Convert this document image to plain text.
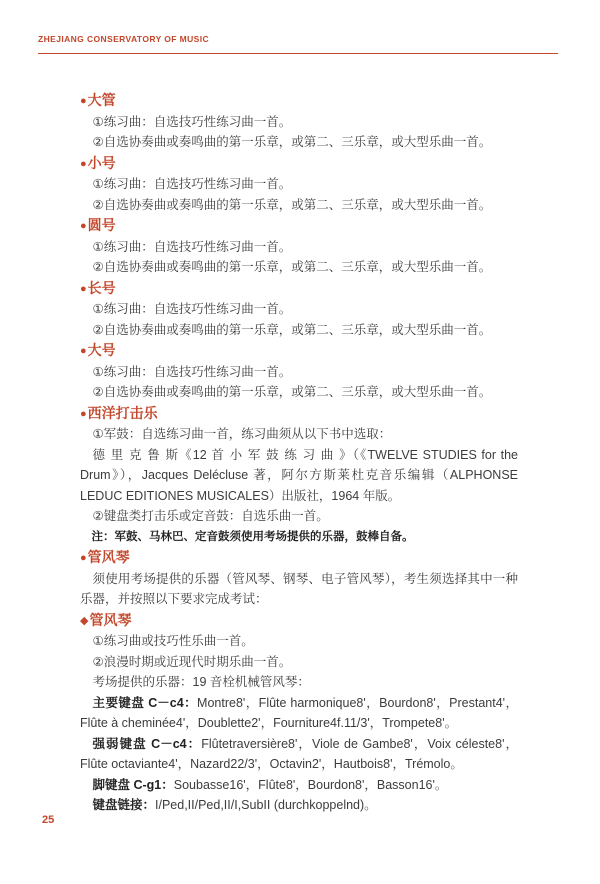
ZHEJIANG CONSERVATORY OF MUSIC
●大管
①练习曲：自选技巧性练习曲一首。
②自选协奏曲或奏鸣曲的第一乐章，或第二、三乐章，或大型乐曲一首。
●小号
①练习曲：自选技巧性练习曲一首。
②自选协奏曲或奏鸣曲的第一乐章，或第二、三乐章，或大型乐曲一首。
●圆号
①练习曲：自选技巧性练习曲一首。
②自选协奏曲或奏鸣曲的第一乐章，或第二、三乐章，或大型乐曲一首。
●长号
①练习曲：自选技巧性练习曲一首。
②自选协奏曲或奏鸣曲的第一乐章，或第二、三乐章，或大型乐曲一首。
●大号
①练习曲：自选技巧性练习曲一首。
②自选协奏曲或奏鸣曲的第一乐章，或第二、三乐章，或大型乐曲一首。
●西洋打击乐
①军鼓：自选练习曲一首，练习曲须从以下书中选取：
德 里 克 鲁 斯《12 首 小 军 鼓 练 习 曲 》（《TWELVE STUDIES for the Drum》），Jacques Delécluse 著，阿尔方斯莱杜克音乐编辑（ALPHONSE LEDUC EDITIONES MUSICALES）出版社，1964 年版。
②键盘类打击乐或定音鼓：自选乐曲一首。
注：军鼓、马林巴、定音鼓须使用考场提供的乐器，鼓棒自备。
●管风琴
须使用考场提供的乐器（管风琴、钢琴、电子管风琴），考生须选择其中一种乐器，并按照以下要求完成考试：
◆管风琴
①练习曲或技巧性乐曲一首。
②浪漫时期或近现代时期乐曲一首。
考场提供的乐器：19 音栓机械管风琴：
主要键盘 C－c4：Montre8'，Flûte harmonique8'，Bourdon8'，Prestant4'，Flûte à cheminée4'，Doublette2'，Fourniture4f.11/3'，Trompete8'。
强弱键盘 C－c4：Flûtetraversière8'，Viole de Gambe8'，Voix céleste8'，Flûte octaviante4'，Nazard22/3'，Octavin2'，Hautbois8'，Trémolo。
脚键盘 C-g1：Soubasse16'，Flûte8'，Bourdon8'，Basson16'。
键盘链接：I/Ped,II/Ped,II/I,SubII (durchkoppelnd)。
25
